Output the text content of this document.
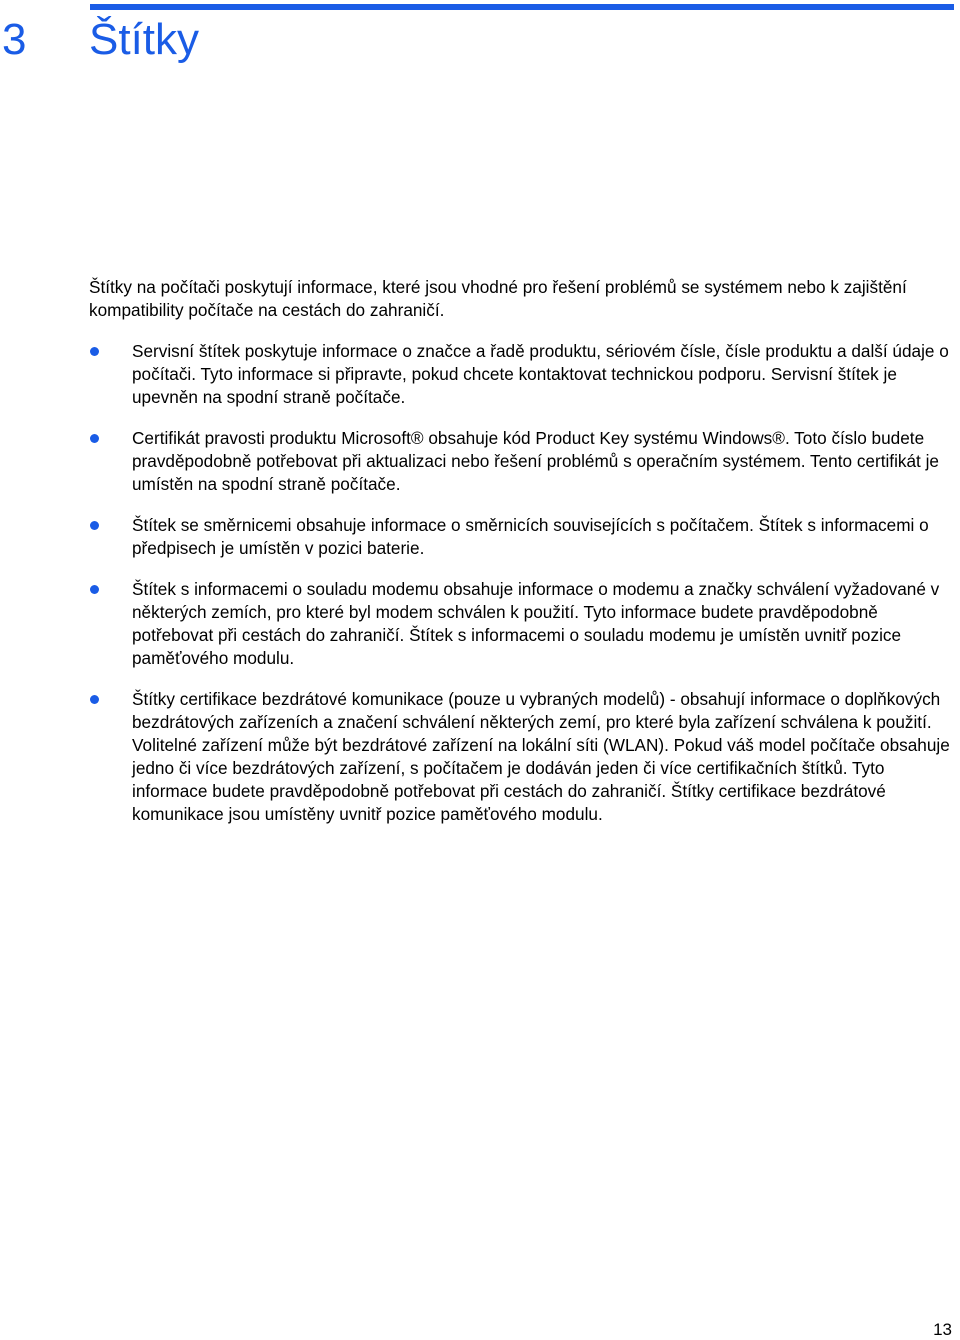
3 Štítky

Štítky na počítači poskytují informace, které jsou vhodné pro řešení problémů se systémem nebo k zajištění kompatibility počítače na cestách do zahraničí.

Servisní štítek poskytuje informace o značce a řadě produktu, sériovém čísle, čísle produktu a další údaje o počítači. Tyto informace si připravte, pokud chcete kontaktovat technickou podporu. Servisní štítek je upevněn na spodní straně počítače.
Certifikát pravosti produktu Microsoft® obsahuje kód Product Key systému Windows®. Toto číslo budete pravděpodobně potřebovat při aktualizaci nebo řešení problémů s operačním systémem. Tento certifikát je umístěn na spodní straně počítače.
Štítek se směrnicemi obsahuje informace o směrnicích souvisejících s počítačem. Štítek s informacemi o předpisech je umístěn v pozici baterie.
Štítek s informacemi o souladu modemu obsahuje informace o modemu a značky schválení vyžadované v některých zemích, pro které byl modem schválen k použití. Tyto informace budete pravděpodobně potřebovat při cestách do zahraničí. Štítek s informacemi o souladu modemu je umístěn uvnitř pozice paměťového modulu.
Štítky certifikace bezdrátové komunikace (pouze u vybraných modelů) - obsahují informace o doplňkových bezdrátových zařízeních a značení schválení některých zemí, pro které byla zařízení schválena k použití. Volitelné zařízení může být bezdrátové zařízení na lokální síti (WLAN). Pokud váš model počítače obsahuje jedno či více bezdrátových zařízení, s počítačem je dodáván jeden či více certifikačních štítků. Tyto informace budete pravděpodobně potřebovat při cestách do zahraničí. Štítky certifikace bezdrátové komunikace jsou umístěny uvnitř pozice paměťového modulu.
13
